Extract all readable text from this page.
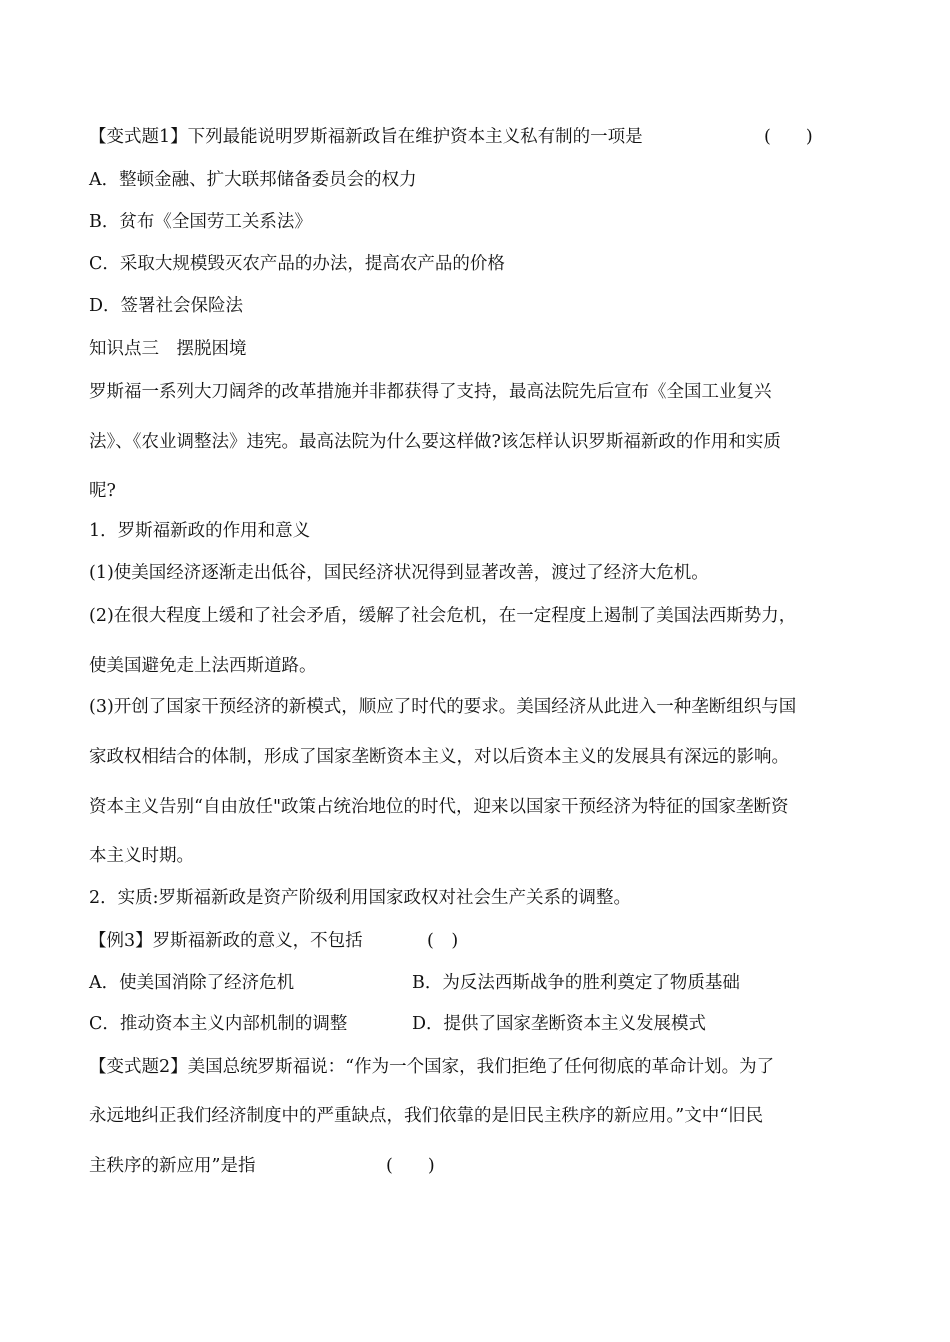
【变式题1】下列最能说明罗斯福新政旨在维护资本主义私有制的一项是	(　　)
A．整顿金融、扩大联邦储备委员会的权力
B．贫布《全国劳工关系法》
C．采取大规模毁灭农产品的办法，提高农产品的价格
D．签署社会保险法
知识点三　摆脱困境
罗斯福一系列大刀阔斧的改革措施并非都获得了支持，最高法院先后宣布《全国工业复兴
法》、《农业调整法》违宪。最高法院为什么要这样做?该怎样认识罗斯福新政的作用和实质
呢?
1．罗斯福新政的作用和意义
(1)使美国经济逐渐走出低谷，国民经济状况得到显著改善，渡过了经济大危机。
(2)在很大程度上缓和了社会矛盾，缓解了社会危机，在一定程度上遏制了美国法西斯势力，
使美国避免走上法西斯道路。
(3)开创了国家干预经济的新模式，顺应了时代的要求。美国经济从此进入一种垄断组织与国
家政权相结合的体制，形成了国家垄断资本主义，对以后资本主义的发展具有深远的影响。
资本主义告别“自由放任"政策占统治地位的时代，迎来以国家干预经济为特征的国家垄断资
本主义时期。
2．实质:罗斯福新政是资产阶级利用国家政权对社会生产关系的调整。
【例3】罗斯福新政的意义，不包括	(　)
A．使美国消除了经济危机	B．为反法西斯战争的胜利奠定了物质基础
C．推动资本主义内部机制的调整	D．提供了国家垄断资本主义发展模式
【变式题2】美国总统罗斯福说：“作为一个国家，我们拒绝了任何彻底的革命计划。为了
永远地纠正我们经济制度中的严重缺点，我们依靠的是旧民主秩序的新应用。”文中“旧民
主秩序的新应用”是指	(　　)
